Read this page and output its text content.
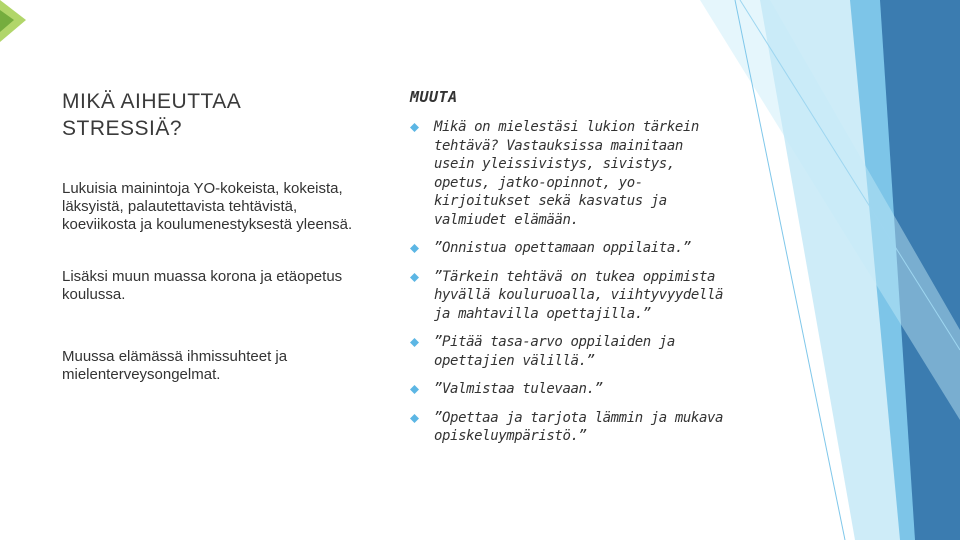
MIKÄ AIHEUTTAA STRESSIÄ?

Lukuisia mainintoja YO-kokeista, kokeista, läksyistä, palautettavista tehtävistä, koeviikosta ja koulumenestyksestä yleensä.

Lisäksi muun muassa korona ja etäopetus koulussa.

Muussa elämässä ihmissuhteet ja mielenterveysongelmat.

MUUTA
Mikä on mielestäsi lukion tärkein tehtävä? Vastauksissa mainitaan usein yleissivistys, sivistys, opetus, jatko-opinnot, yo-kirjoitukset sekä kasvatus ja valmiudet elämään.
”Onnistua opettamaan oppilaita.”
”Tärkein tehtävä on tukea oppimista hyvällä kouluruoalla, viihtyvyydellä ja mahtavilla opettajilla.”
”Pitää tasa-arvo oppilaiden ja opettajien välillä.”
”Valmistaa tulevaan.”
”Opettaa ja tarjota lämmin ja mukava opiskeluympäristö.”
